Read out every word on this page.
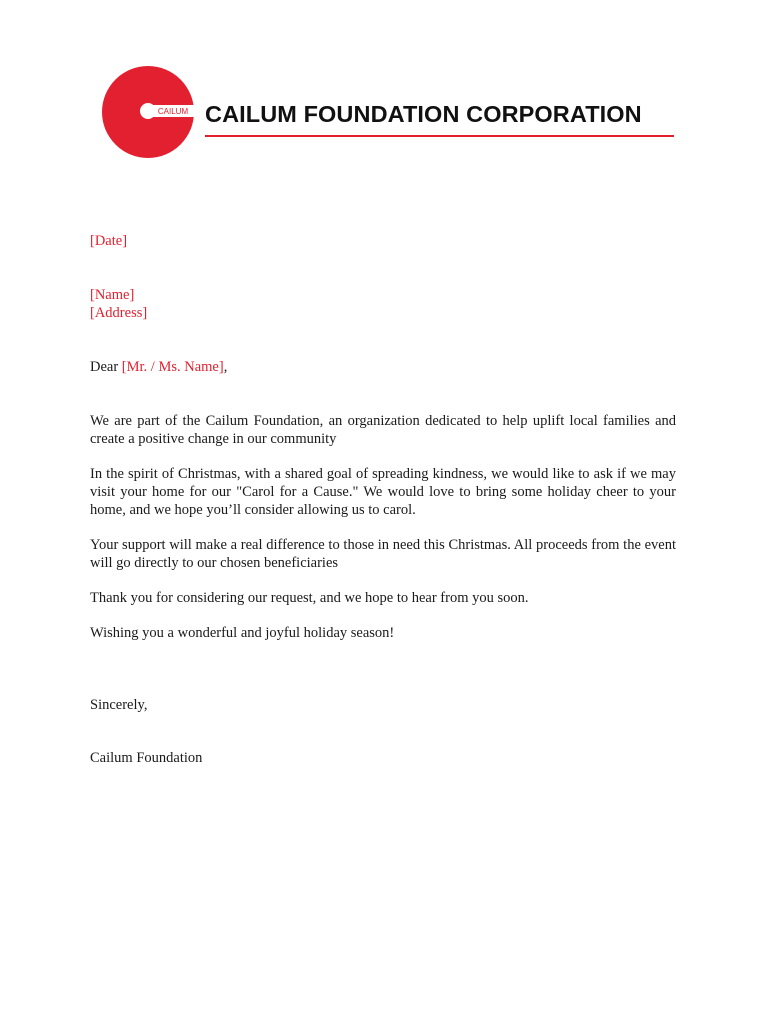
CAILUM CAILUM FOUNDATION CORPORATION

[Date]

[Name]

[Address]

Dear [Mr. / Ms. Name],

We are part of the Cailum Foundation, an organization dedicated to help uplift local families and create a positive change in our community

In the spirit of Christmas, with a shared goal of spreading kindness, we would like to ask if we may visit your home for our "Carol for a Cause." We would love to bring some holiday cheer to your home, and we hope you’ll consider allowing us to carol.

Your support will make a real difference to those in need this Christmas. All proceeds from the event will go directly to our chosen beneficiaries

Thank you for considering our request, and we hope to hear from you soon.

Wishing you a wonderful and joyful holiday season!

Sincerely,

Cailum Foundation
